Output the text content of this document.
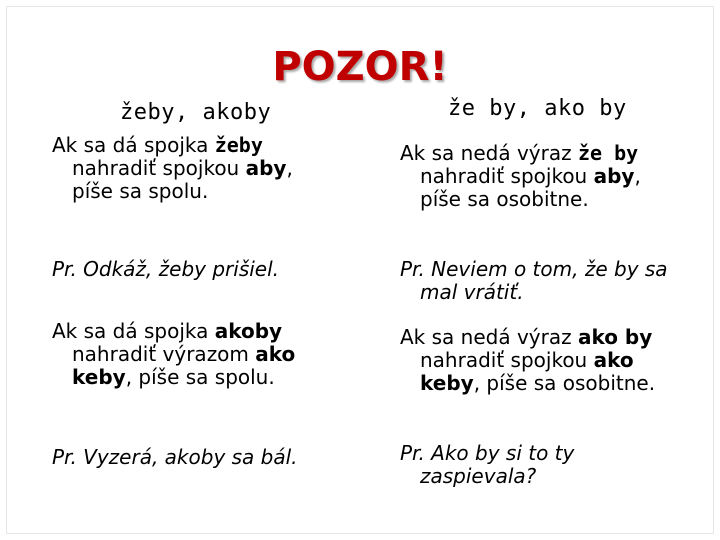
POZOR!
žeby, akoby
Ak sa dá spojka žeby
nahradiť spojkou aby,
píše sa spolu.
Pr. Odkáž, žeby prišiel.
Ak sa dá spojka akoby
nahradiť výrazom ako
keby, píše sa spolu.
Pr. Vyzerá, akoby sa bál.
že by, ako by
Ak sa nedá výraz že by
nahradiť spojkou aby,
píše sa osobitne.
Pr. Neviem o tom, že by sa
mal vrátiť.
Ak sa nedá výraz ako by
nahradiť spojkou ako
keby, píše sa osobitne.
Pr. Ako by si to ty
zaspievala?
